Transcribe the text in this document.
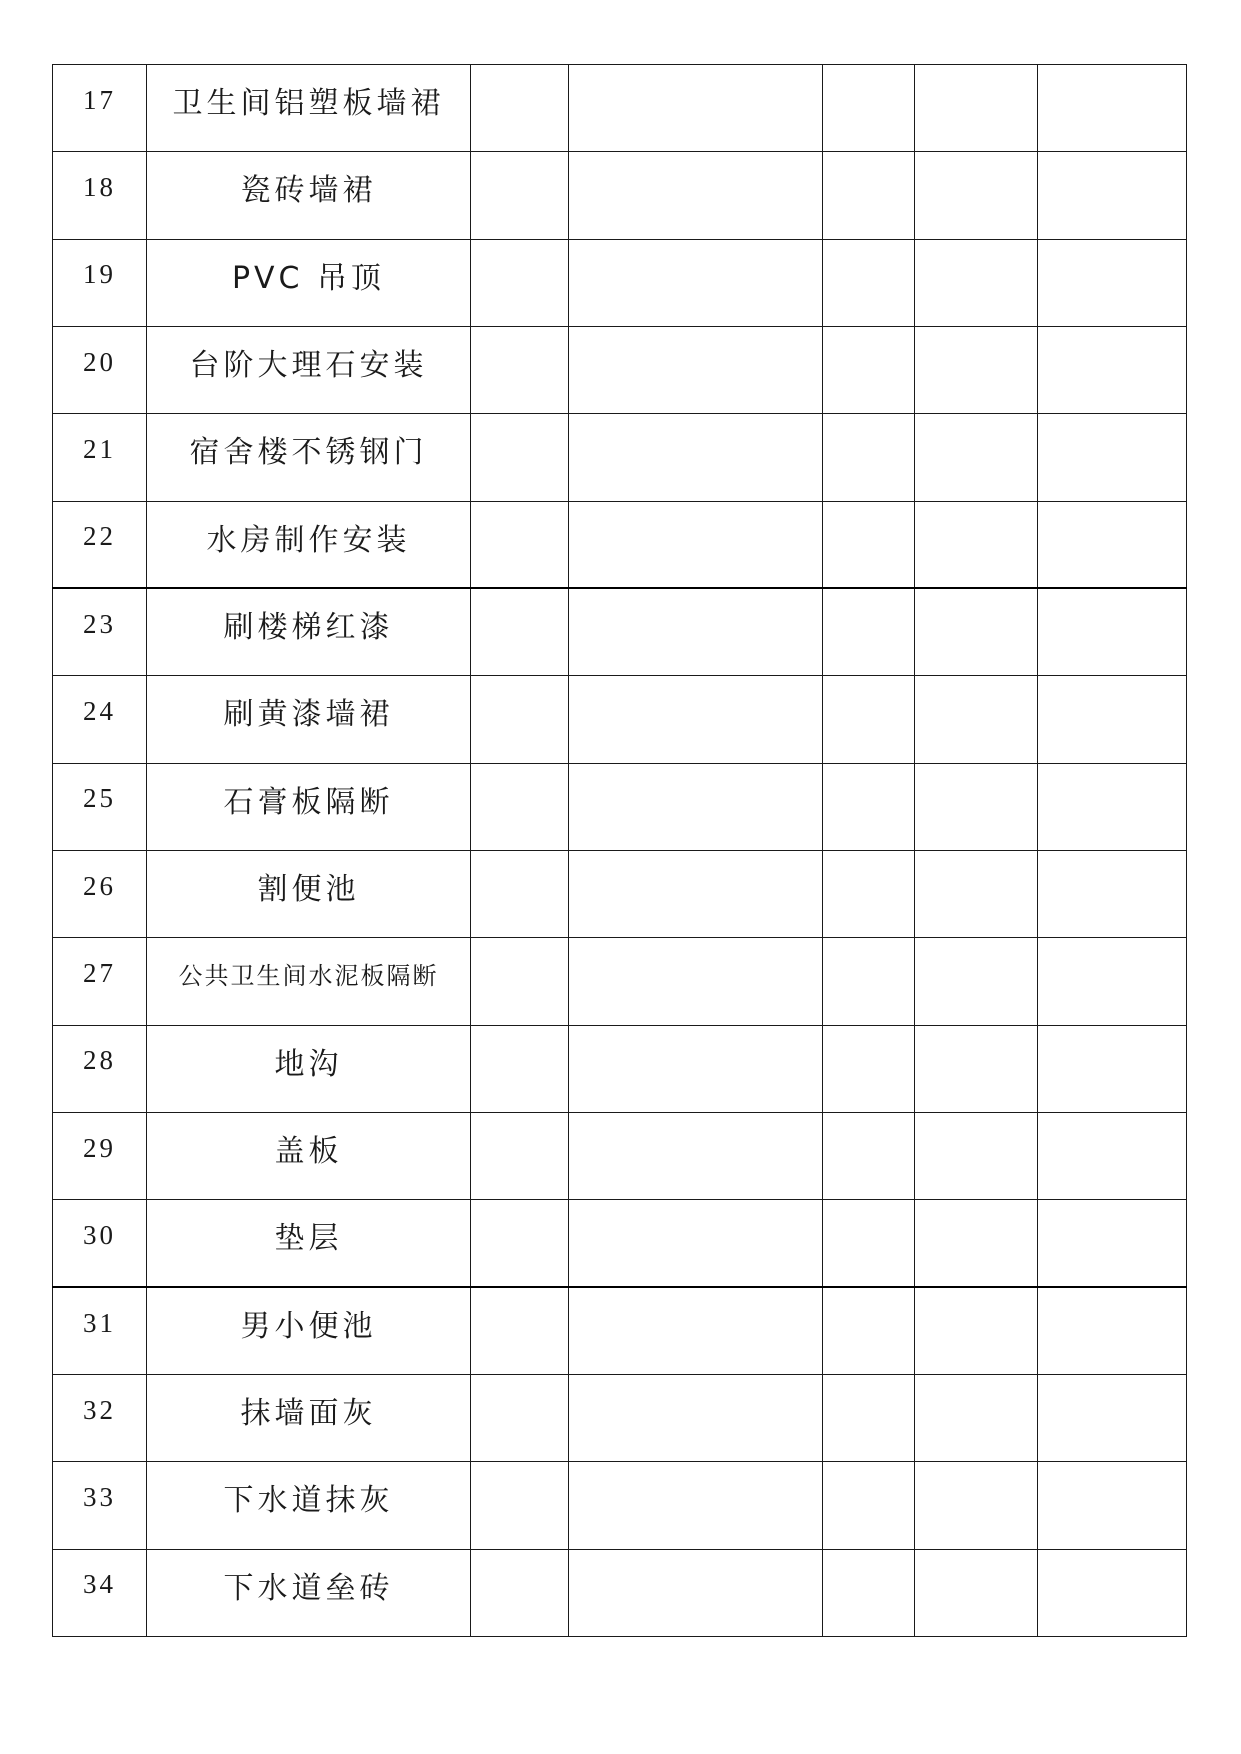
17	卫生间铝塑板墙裙					
18	瓷砖墙裙					
19	PVC 吊顶					
20	台阶大理石安装					
21	宿舍楼不锈钢门					
22	水房制作安装					
23	刷楼梯红漆					
24	刷黄漆墙裙					
25	石膏板隔断					
26	割便池					
27	公共卫生间水泥板隔断					
28	地沟					
29	盖板					
30	垫层					
31	男小便池					
32	抹墙面灰					
33	下水道抹灰					
34	下水道垒砖					
